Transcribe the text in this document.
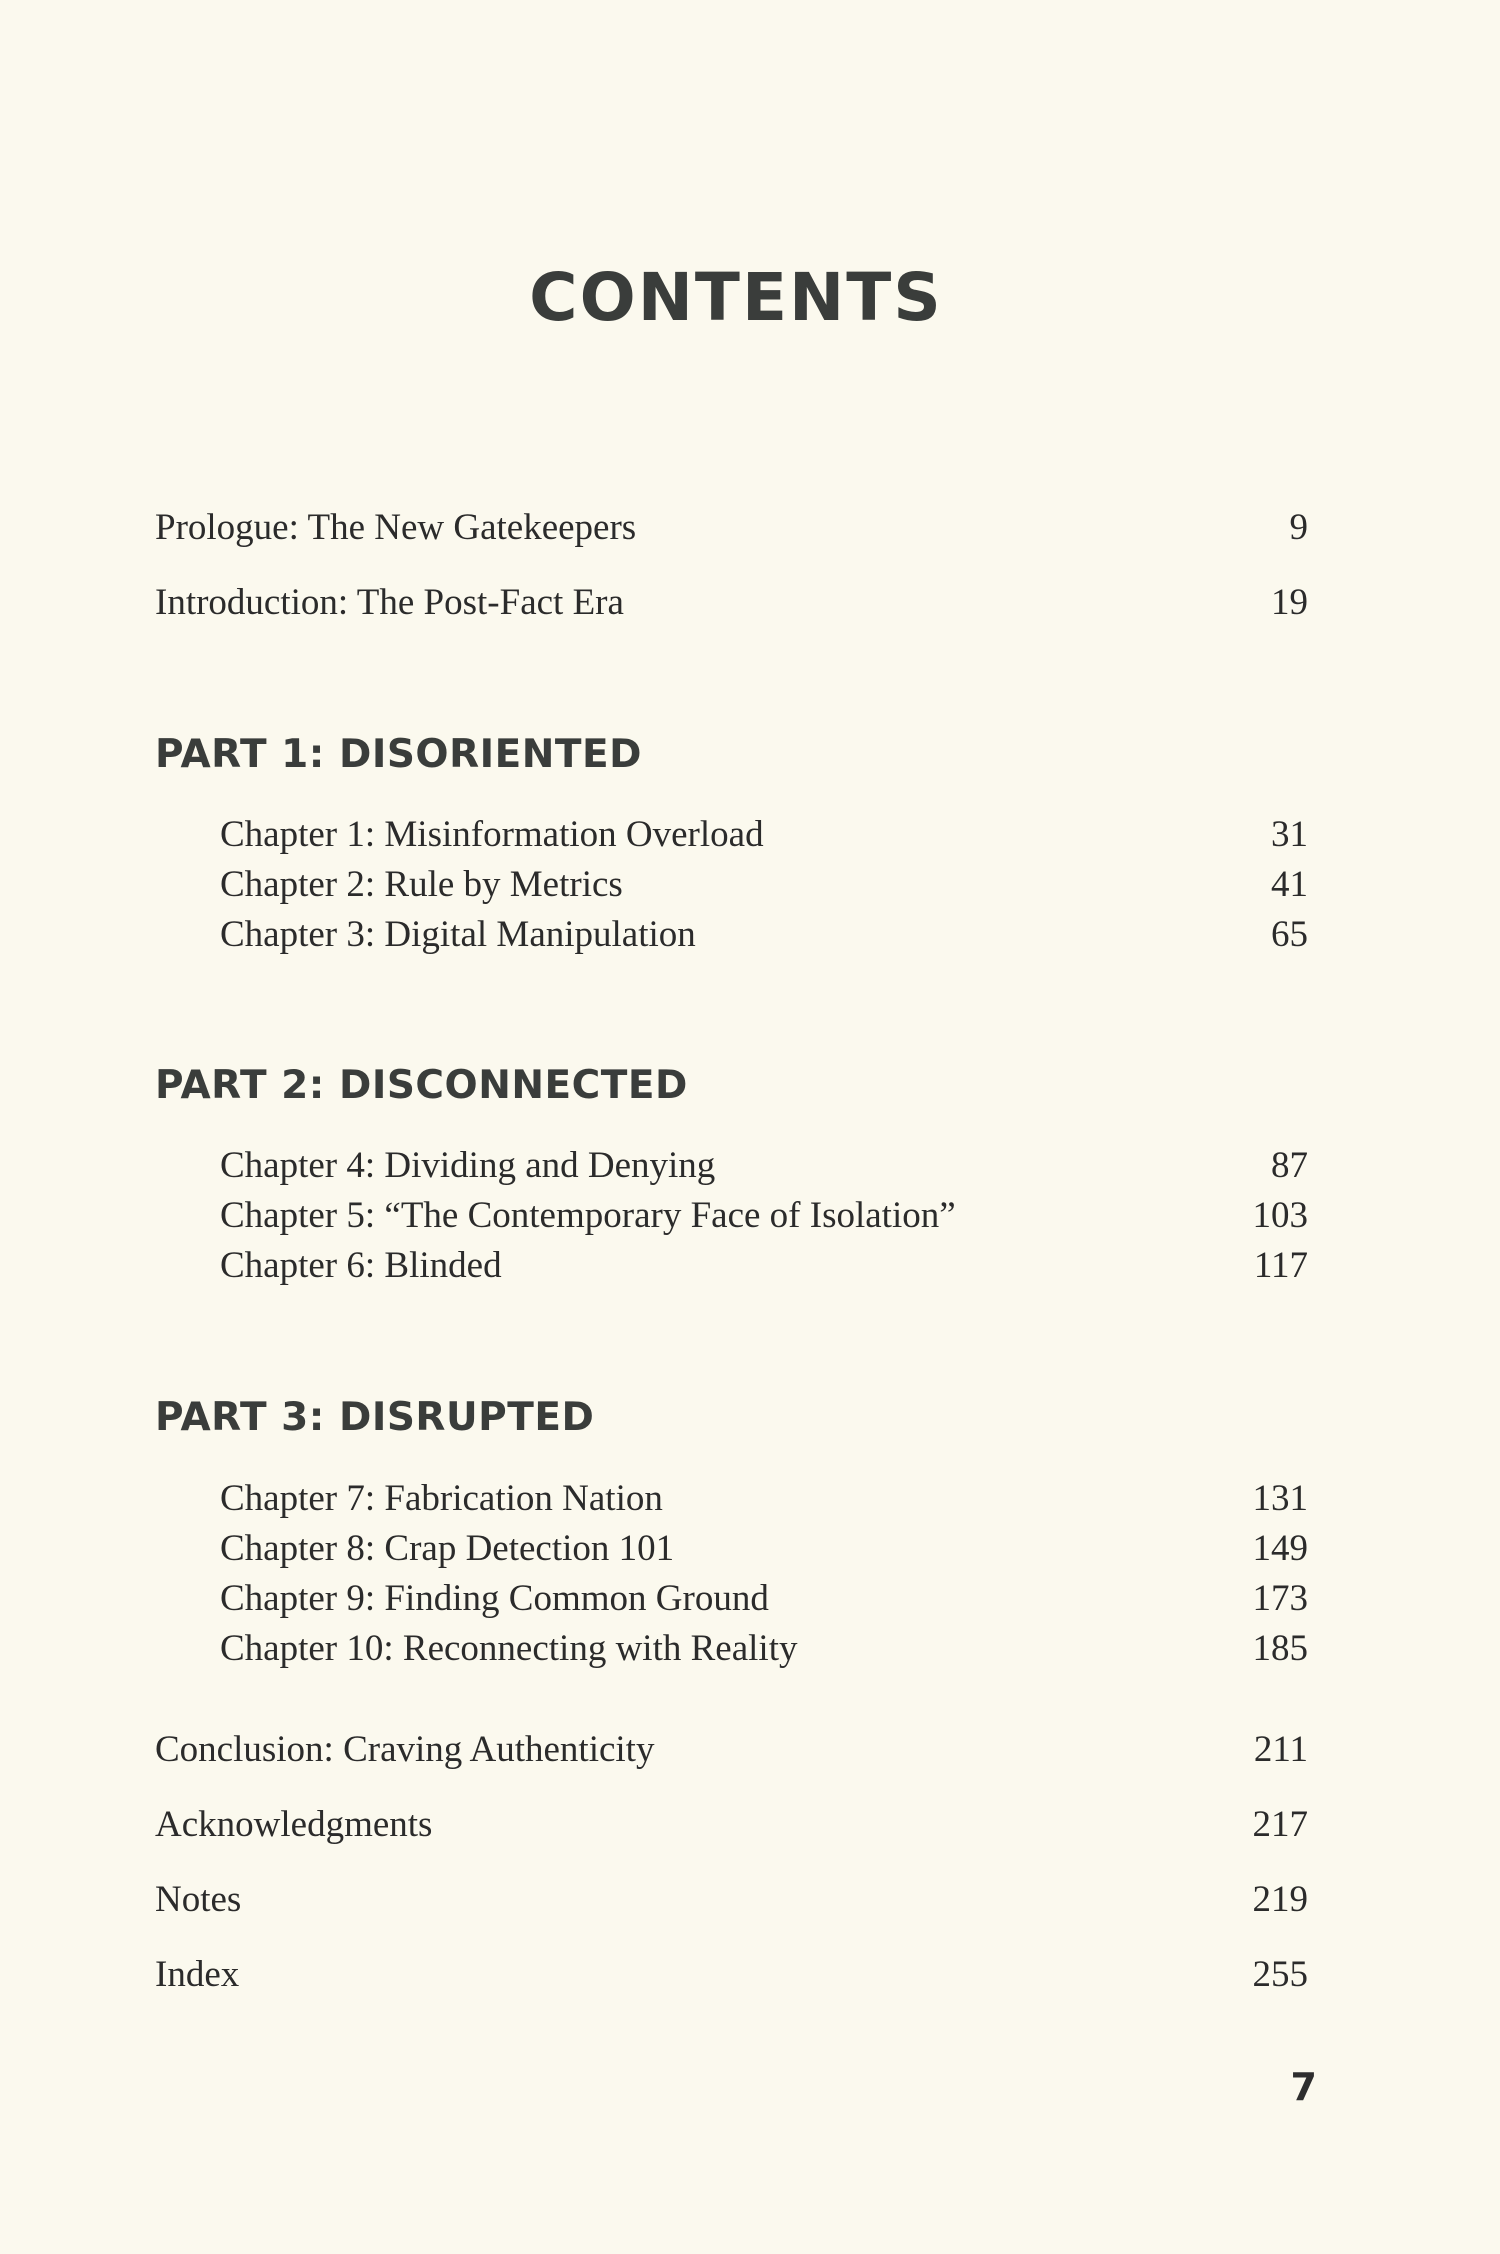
CONTENTS
Prologue: The New Gatekeepers	9
Introduction: The Post-Fact Era	19
PART 1: DISORIENTED
Chapter 1: Misinformation Overload	31
Chapter 2: Rule by Metrics	41
Chapter 3: Digital Manipulation	65
PART 2: DISCONNECTED
Chapter 4: Dividing and Denying	87
Chapter 5: “The Contemporary Face of Isolation”	103
Chapter 6: Blinded	117
PART 3: DISRUPTED
Chapter 7: Fabrication Nation	131
Chapter 8: Crap Detection 101	149
Chapter 9: Finding Common Ground	173
Chapter 10: Reconnecting with Reality	185
Conclusion: Craving Authenticity	211
Acknowledgments	217
Notes	219
Index	255
7
